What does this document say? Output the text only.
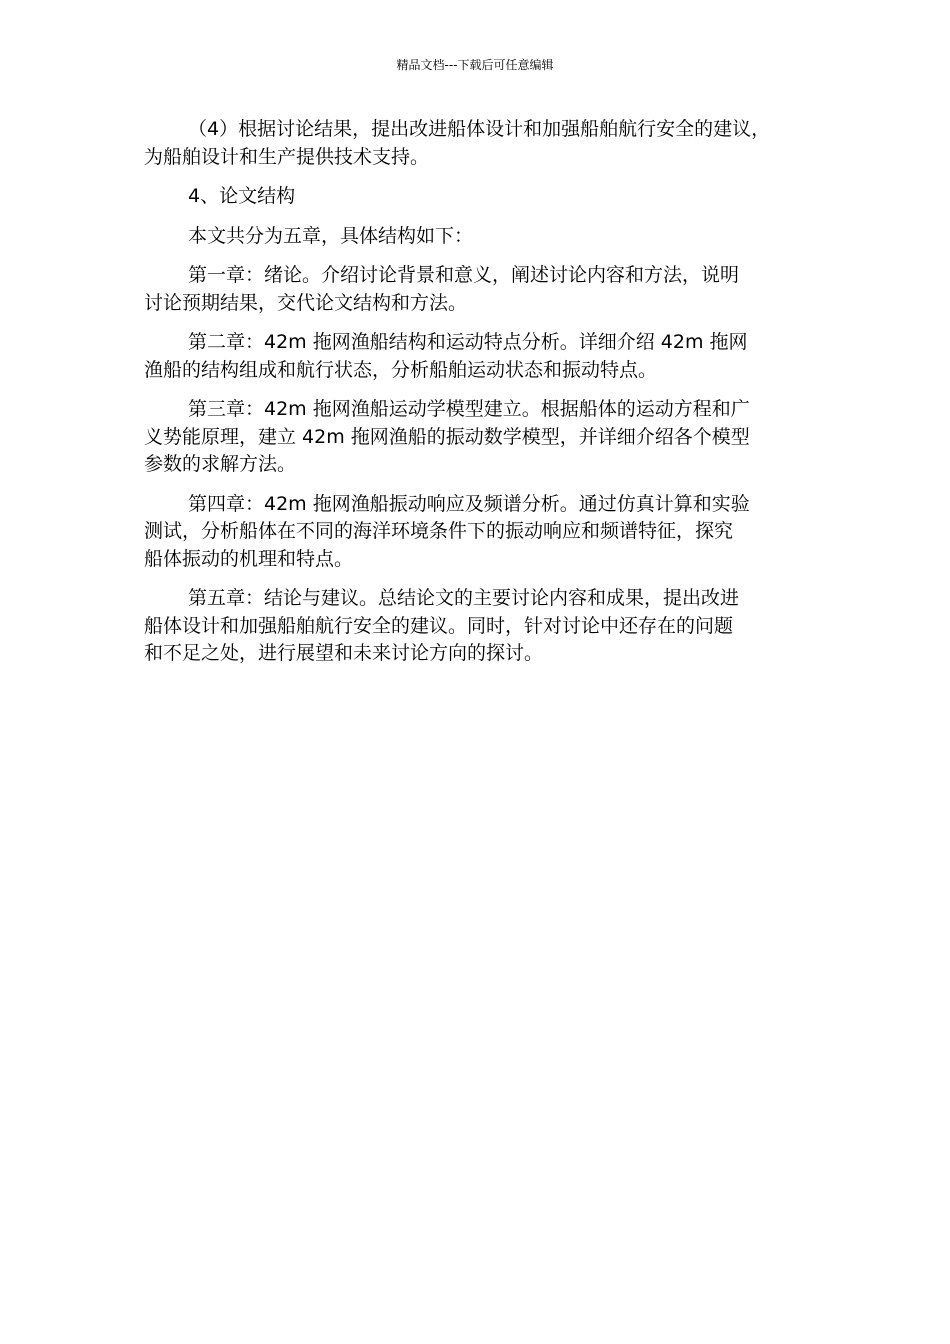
精品文档---下载后可任意编辑

（4）根据讨论结果，提出改进船体设计和加强船舶航行安全的建议，
为船舶设计和生产提供技术支持。

4、论文结构

本文共分为五章，具体结构如下：

第一章：绪论。介绍讨论背景和意义，阐述讨论内容和方法，说明
讨论预期结果，交代论文结构和方法。

第二章：42m 拖网渔船结构和运动特点分析。详细介绍 42m 拖网
渔船的结构组成和航行状态，分析船舶运动状态和振动特点。

第三章：42m 拖网渔船运动学模型建立。根据船体的运动方程和广
义势能原理，建立 42m 拖网渔船的振动数学模型，并详细介绍各个模型
参数的求解方法。

第四章：42m 拖网渔船振动响应及频谱分析。通过仿真计算和实验
测试，分析船体在不同的海洋环境条件下的振动响应和频谱特征，探究
船体振动的机理和特点。

第五章：结论与建议。总结论文的主要讨论内容和成果，提出改进
船体设计和加强船舶航行安全的建议。同时，针对讨论中还存在的问题
和不足之处，进行展望和未来讨论方向的探讨。
